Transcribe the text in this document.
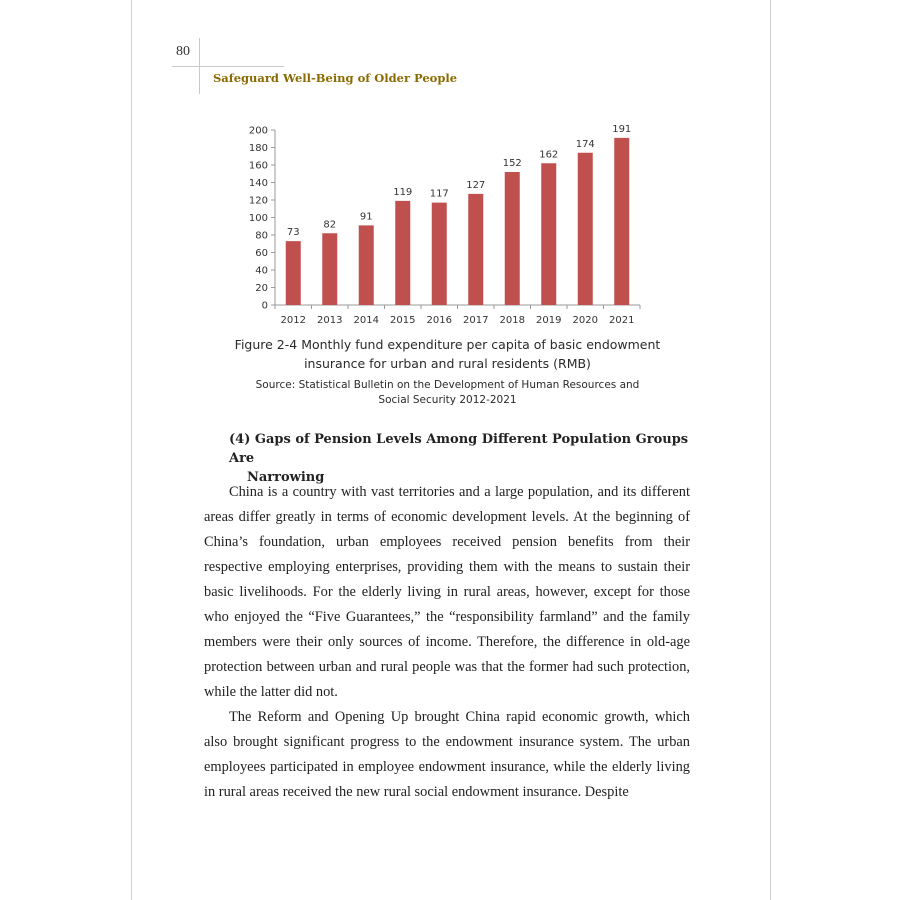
80
Safeguard Well-Being of Older People
0
20
40
60
80
100
120
140
160
180
200
73
2012
82
2013
91
2014
119
2015
117
2016
127
2017
152
2018
162
2019
174
2020
191
2021
Figure 2-4 Monthly fund expenditure per capita of basic endowment
insurance for urban and rural residents (RMB)
Source: Statistical Bulletin on the Development of Human Resources and
Social Security 2012-2021
(4) Gaps of Pension Levels Among Different Population Groups Are
Narrowing

China is a country with vast territories and a large population, and its different areas differ greatly in terms of economic development levels. At the beginning of China’s foundation, urban employees received pension benefits from their respective employing enterprises, providing them with the means to sustain their basic livelihoods. For the elderly living in rural areas, however, except for those who enjoyed the “Five Guarantees,” the “responsibility farmland” and the family members were their only sources of income. Therefore, the difference in old-age protection between urban and rural people was that the former had such protection, while the latter did not.

The Reform and Opening Up brought China rapid economic growth, which also brought significant progress to the endowment insurance system. The urban employees participated in employee endowment insurance, while the elderly living in rural areas received the new rural social endowment insurance. Despite
